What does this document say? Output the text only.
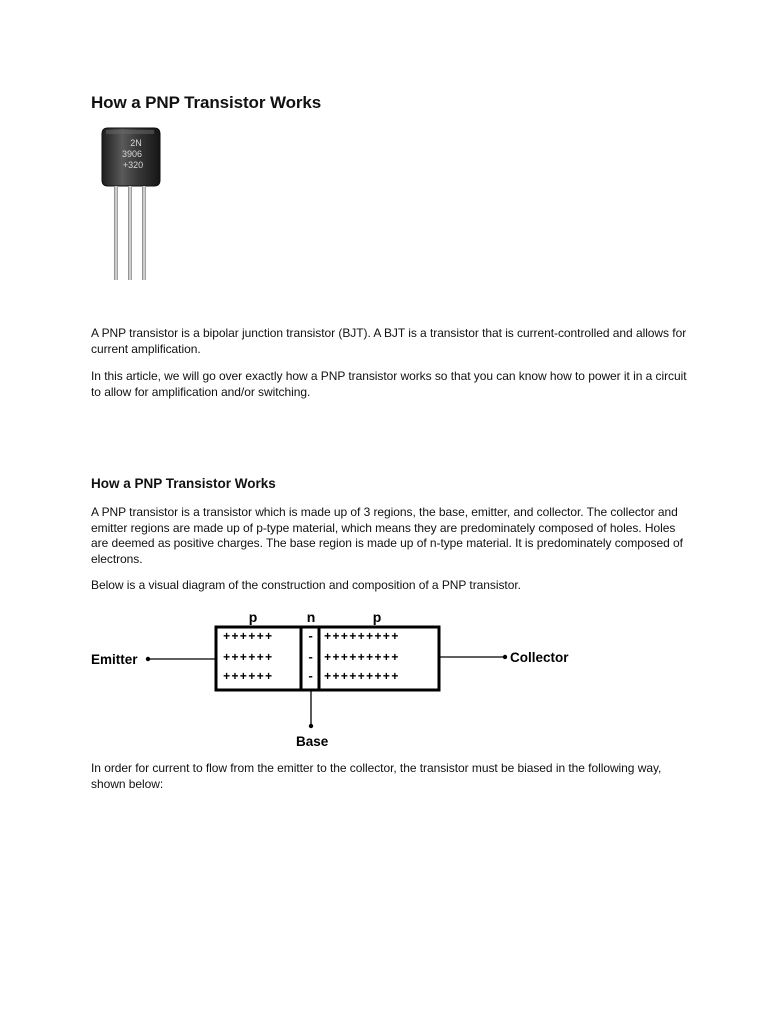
How a PNP Transistor Works
2N
3906
+320

A PNP transistor is a bipolar junction transistor (BJT). A BJT is a transistor that is current-controlled and allows for current amplification.

In this article, we will go over exactly how a PNP transistor works so that you can know how to power it in a circuit to allow for amplification and/or switching.

How a PNP Transistor Works

A PNP transistor is a transistor which is made up of 3 regions, the base, emitter, and collector. The collector and emitter regions are made up of p-type material, which means they are predominately composed of holes. Holes are deemed as positive charges. The base region is made up of n-type material. It is predominately composed of electrons.

Below is a visual diagram of the construction and composition of a PNP transistor.

p	n	p
++++++	- +++++++++
++++++	- +++++++++
++++++	- +++++++++
Emitter	Collector
Base

In order for current to flow from the emitter to the collector, the transistor must be biased in the following way, shown below:
